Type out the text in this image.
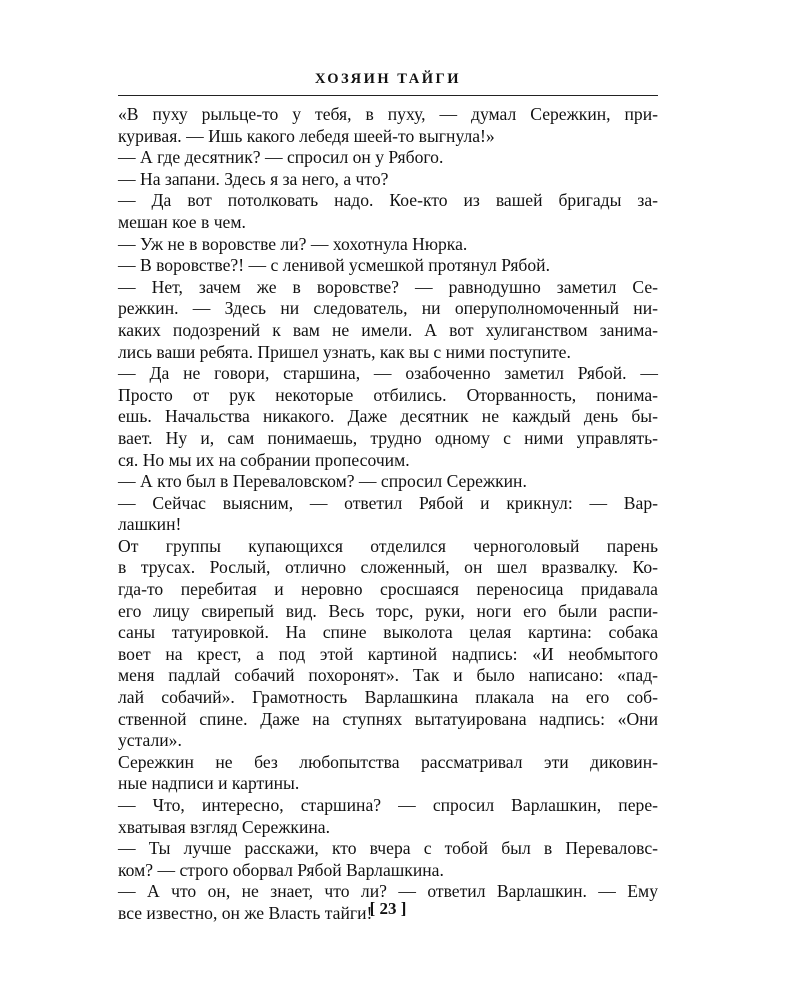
ХОЗЯИН ТАЙГИ
«В пуху рыльце-то у тебя, в пуху, — думал Сережкин, при-
куривая. — Ишь какого лебедя шеей-то выгнула!»
— А где десятник? — спросил он у Рябого.
— На запани. Здесь я за него, а что?
— Да вот потолковать надо. Кое-кто из вашей бригады за-
мешан кое в чем.
— Уж не в воровстве ли? — хохотнула Нюрка.
— В воровстве?! — с ленивой усмешкой протянул Рябой.
— Нет, зачем же в воровстве? — равнодушно заметил Се-
режкин. — Здесь ни следователь, ни оперуполномоченный ни-
каких подозрений к вам не имели. А вот хулиганством занима-
лись ваши ребята. Пришел узнать, как вы с ними поступите.
— Да не говори, старшина, — озабоченно заметил Рябой. —
Просто от рук некоторые отбились. Оторванность, понима-
ешь. Начальства никакого. Даже десятник не каждый день бы-
вает. Ну и, сам понимаешь, трудно одному с ними управлять-
ся. Но мы их на собрании пропесочим.
— А кто был в Переваловском? — спросил Сережкин.
— Сейчас выясним, — ответил Рябой и крикнул: — Вар-
лашкин!
От группы купающихся отделился черноголовый парень
в трусах. Рослый, отлично сложенный, он шел вразвалку. Ко-
гда-то перебитая и неровно сросшаяся переносица придавала
его лицу свирепый вид. Весь торс, руки, ноги его были распи-
саны татуировкой. На спине выколота целая картина: собака
воет на крест, а под этой картиной надпись: «И необмытого
меня падлай собачий похоронят». Так и было написано: «пад-
лай собачий». Грамотность Варлашкина плакала на его соб-
ственной спине. Даже на ступнях вытатуирована надпись: «Они
устали».
Сережкин не без любопытства рассматривал эти диковин-
ные надписи и картины.
— Что, интересно, старшина? — спросил Варлашкин, пере-
хватывая взгляд Сережкина.
— Ты лучше расскажи, кто вчера с тобой был в Переваловс-
ком? — строго оборвал Рябой Варлашкина.
— А что он, не знает, что ли? — ответил Варлашкин. — Ему
все известно, он же Власть тайги!
[ 23 ]
